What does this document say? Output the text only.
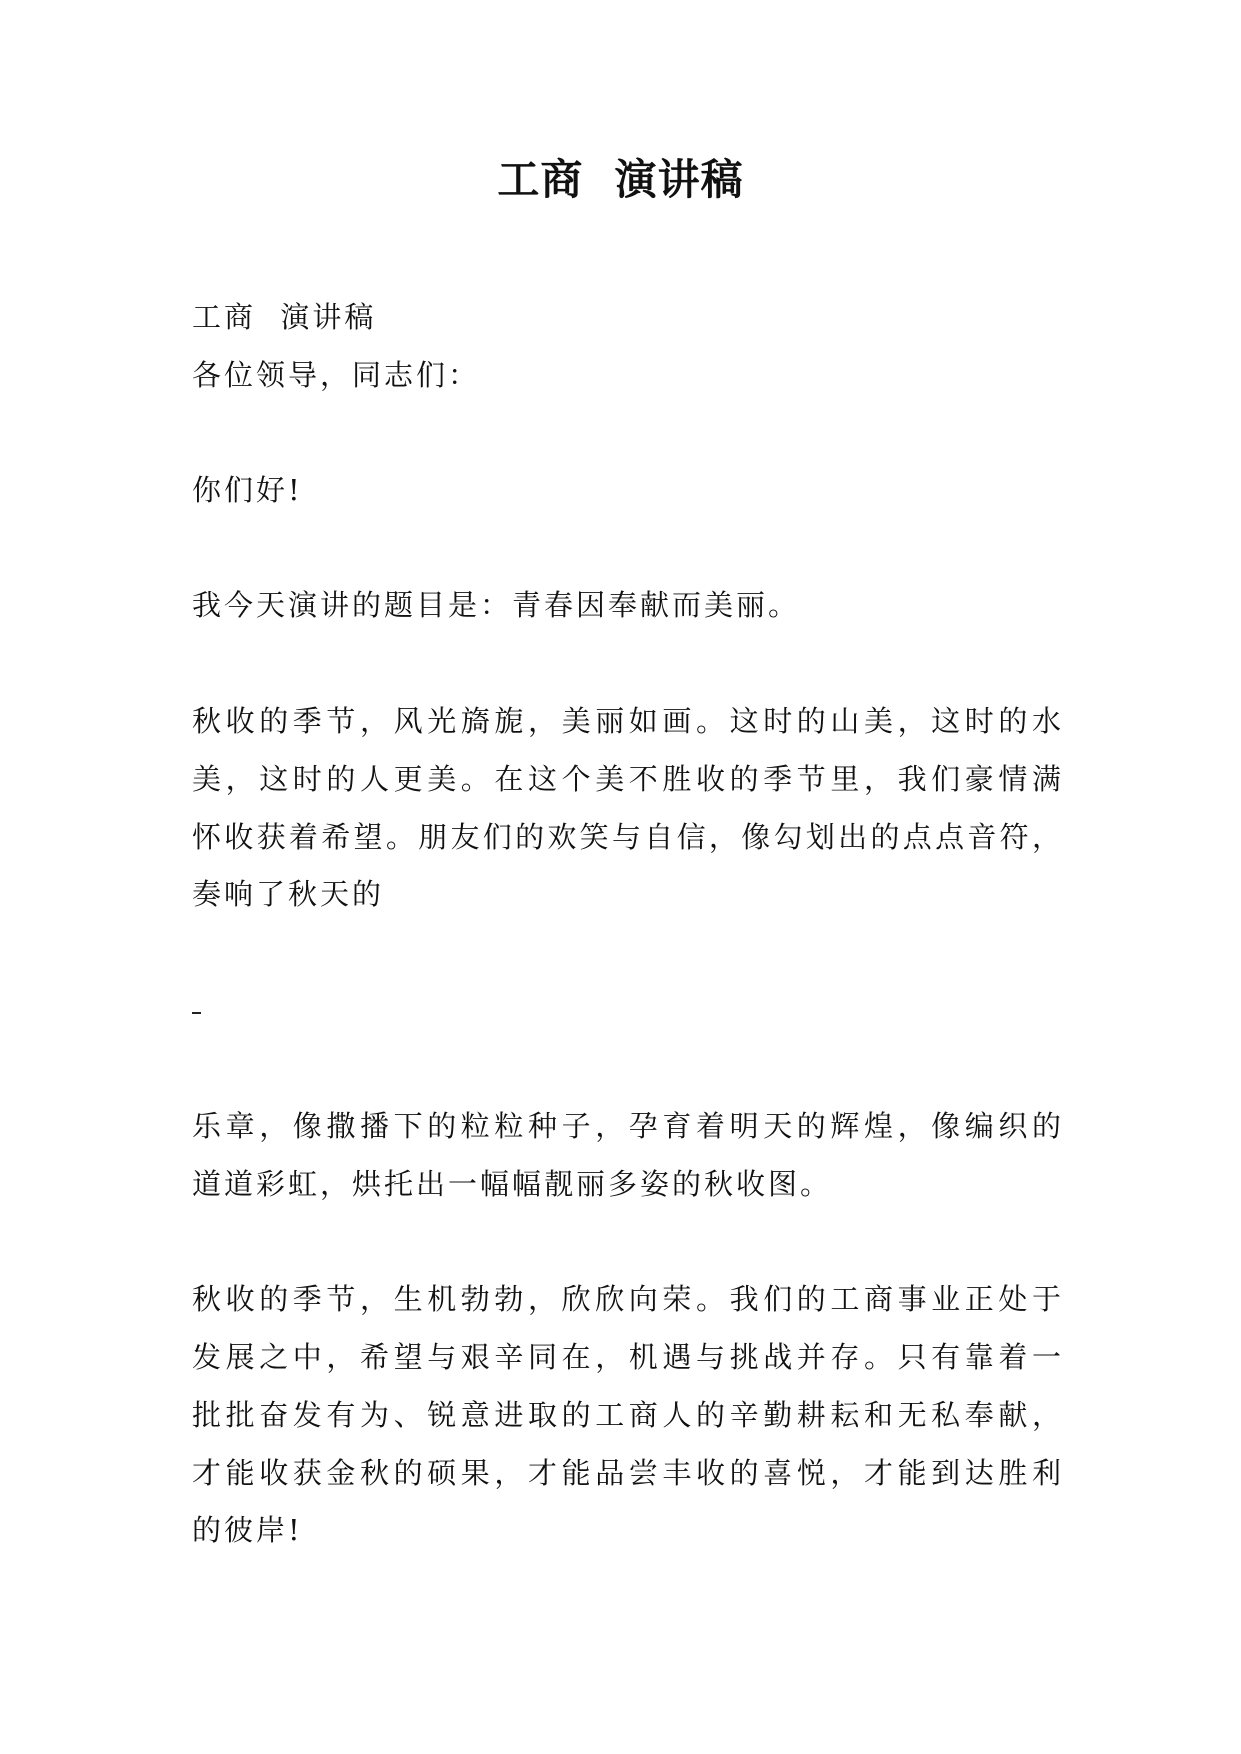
工商  演讲稿

工商  演讲稿

各位领导，同志们：

你们好!

我今天演讲的题目是：青春因奉献而美丽。

秋收的季节，风光旖旎，美丽如画。这时的山美，这时的水

美，这时的人更美。在这个美不胜收的季节里，我们豪情满

怀收获着希望。朋友们的欢笑与自信，像勾划出的点点音符，

奏响了秋天的

乐章，像撒播下的粒粒种子，孕育着明天的辉煌，像编织的

道道彩虹，烘托出一幅幅靓丽多姿的秋收图。

秋收的季节，生机勃勃，欣欣向荣。我们的工商事业正处于

发展之中，希望与艰辛同在，机遇与挑战并存。只有靠着一

批批奋发有为、锐意进取的工商人的辛勤耕耘和无私奉献，

才能收获金秋的硕果，才能品尝丰收的喜悦，才能到达胜利

的彼岸!
